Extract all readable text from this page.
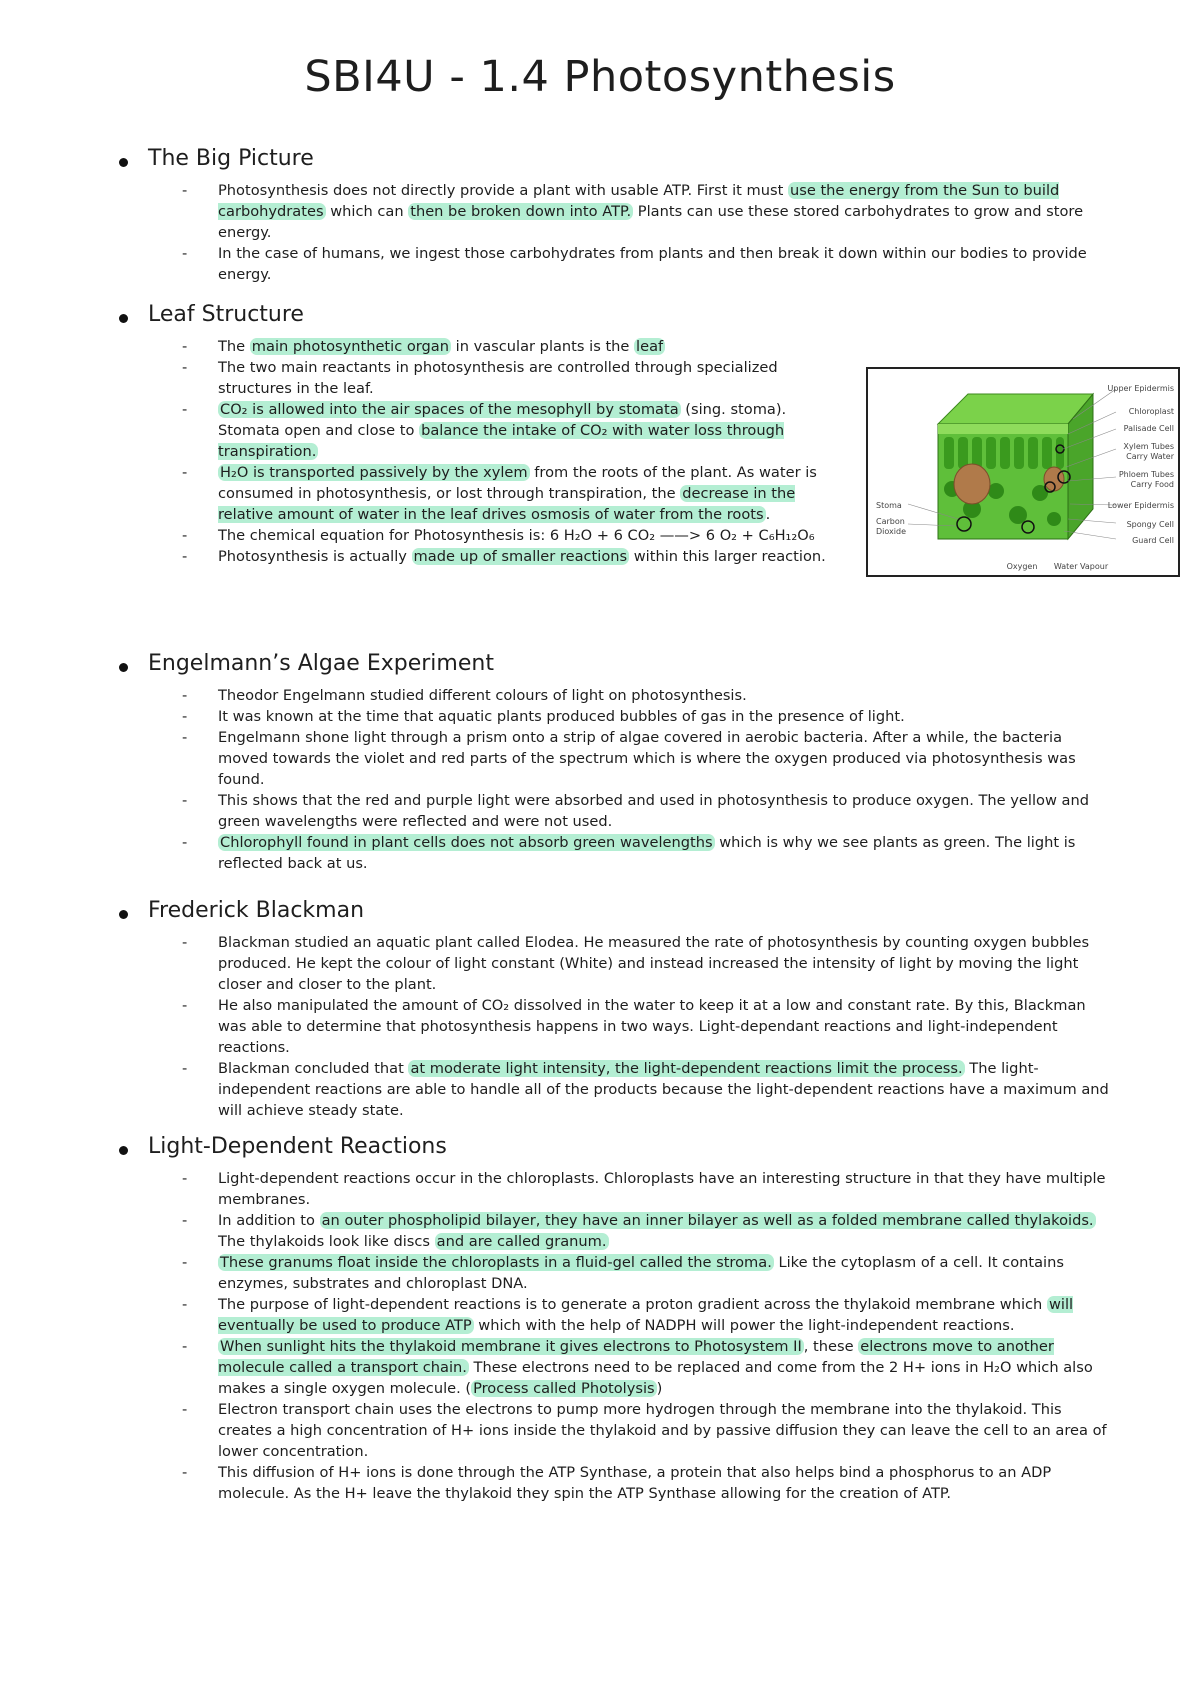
SBI4U - 1.4 Photosynthesis
The Big Picture
- Photosynthesis does not directly provide a plant with usable ATP. First it must use the energy from the Sun to build carbohydrates which can then be broken down into ATP. Plants can use these stored carbohydrates to grow and store energy.
- In the case of humans, we ingest those carbohydrates from plants and then break it down within our bodies to provide energy.
Leaf Structure
- The main photosynthetic organ in vascular plants is the leaf
- The two main reactants in photosynthesis are controlled through specialized structures in the leaf.
- CO₂ is allowed into the air spaces of the mesophyll by stomata (sing. stoma). Stomata open and close to balance the intake of CO₂ with water loss through transpiration.
- H₂O is transported passively by the xylem from the roots of the plant. As water is consumed in photosynthesis, or lost through transpiration, the decrease in the relative amount of water in the leaf drives osmosis of water from the roots .
- The chemical equation for Photosynthesis is: 6 H₂O + 6 CO₂ ——> 6 O₂ + C₆H₁₂O₆
- Photosynthesis is actually made up of smaller reactions within this larger reaction.
Upper Epidermis
Chloroplast
Palisade Cell
Xylem Tubes
Carry Water
Phloem Tubes
Carry Food
Lower Epidermis
Spongy Cell
Guard Cell
Stoma
Carbon
Dioxide
Oxygen Water Vapour
Engelmann’s Algae Experiment
- Theodor Engelmann studied different colours of light on photosynthesis.
- It was known at the time that aquatic plants produced bubbles of gas in the presence of light.
- Engelmann shone light through a prism onto a strip of algae covered in aerobic bacteria. After a while, the bacteria moved towards the violet and red parts of the spectrum which is where the oxygen produced via photosynthesis was found.
- This shows that the red and purple light were absorbed and used in photosynthesis to produce oxygen. The yellow and green wavelengths were reflected and were not used.
- Chlorophyll found in plant cells does not absorb green wavelengths which is why we see plants as green. The light is reflected back at us.
Frederick Blackman
- Blackman studied an aquatic plant called Elodea. He measured the rate of photosynthesis by counting oxygen bubbles produced. He kept the colour of light constant (White) and instead increased the intensity of light by moving the light closer and closer to the plant.
- He also manipulated the amount of CO₂ dissolved in the water to keep it at a low and constant rate. By this, Blackman was able to determine that photosynthesis happens in two ways. Light-dependant reactions and light-independent reactions.
- Blackman concluded that at moderate light intensity, the light-dependent reactions limit the process. The light-independent reactions are able to handle all of the products because the light-dependent reactions have a maximum and will achieve steady state.
Light-Dependent Reactions
- Light-dependent reactions occur in the chloroplasts. Chloroplasts have an interesting structure in that they have multiple membranes.
- In addition to an outer phospholipid bilayer, they have an inner bilayer as well as a folded membrane called thylakoids. The thylakoids look like discs and are called granum.
- These granums float inside the chloroplasts in a fluid-gel called the stroma. Like the cytoplasm of a cell. It contains enzymes, substrates and chloroplast DNA.
- The purpose of light-dependent reactions is to generate a proton gradient across the thylakoid membrane which will eventually be used to produce ATP which with the help of NADPH will power the light-independent reactions.
- When sunlight hits the thylakoid membrane it gives electrons to Photosystem II , these electrons move to another molecule called a transport chain. These electrons need to be replaced and come from the 2 H+ ions in H₂O which also makes a single oxygen molecule. ( Process called Photolysis )
- Electron transport chain uses the electrons to pump more hydrogen through the membrane into the thylakoid. This creates a high concentration of H+ ions inside the thylakoid and by passive diffusion they can leave the cell to an area of lower concentration.
- This diffusion of H+ ions is done through the ATP Synthase, a protein that also helps bind a phosphorus to an ADP molecule. As the H+ leave the thylakoid they spin the ATP Synthase allowing for the creation of ATP.
